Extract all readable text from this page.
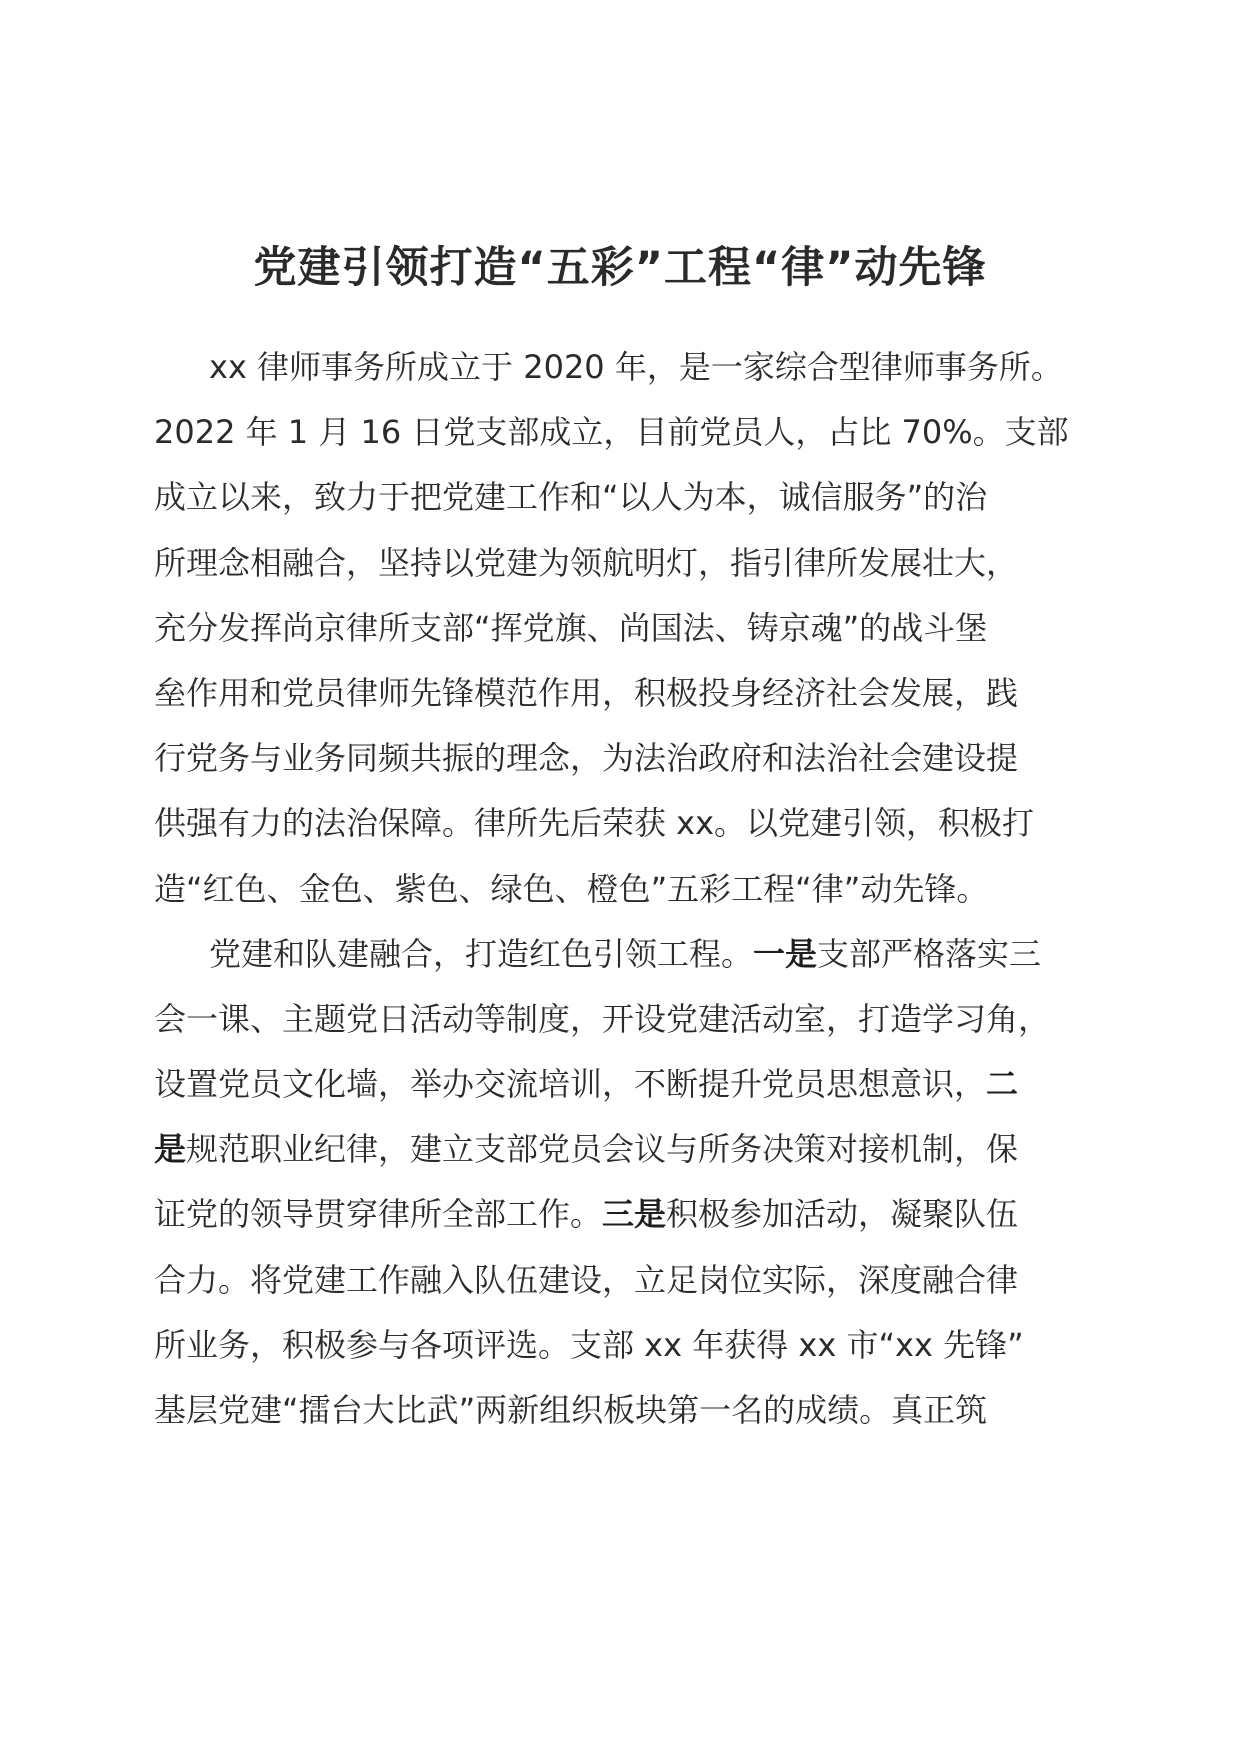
党建引领打造“五彩”工程“律”动先锋
xx 律师事务所成立于 2020 年，是一家综合型律师事务所。
2022 年 1 月 16 日党支部成立，目前党员人，占比 70%。支部
成立以来，致力于把党建工作和“以人为本，诚信服务”的治
所理念相融合，坚持以党建为领航明灯，指引律所发展壮大，
充分发挥尚京律所支部“挥党旗、尚国法、铸京魂”的战斗堡
垒作用和党员律师先锋模范作用，积极投身经济社会发展，践
行党务与业务同频共振的理念，为法治政府和法治社会建设提
供强有力的法治保障。律所先后荣获 xx。以党建引领，积极打
造“红色、金色、紫色、绿色、橙色”五彩工程“律”动先锋。
党建和队建融合，打造红色引领工程。一是支部严格落实三
会一课、主题党日活动等制度，开设党建活动室，打造学习角，
设置党员文化墙，举办交流培训，不断提升党员思想意识，二
是规范职业纪律，建立支部党员会议与所务决策对接机制，保
证党的领导贯穿律所全部工作。三是积极参加活动，凝聚队伍
合力。将党建工作融入队伍建设，立足岗位实际，深度融合律
所业务，积极参与各项评选。支部 xx 年获得 xx 市“xx 先锋”
基层党建“擂台大比武”两新组织板块第一名的成绩。真正筑
